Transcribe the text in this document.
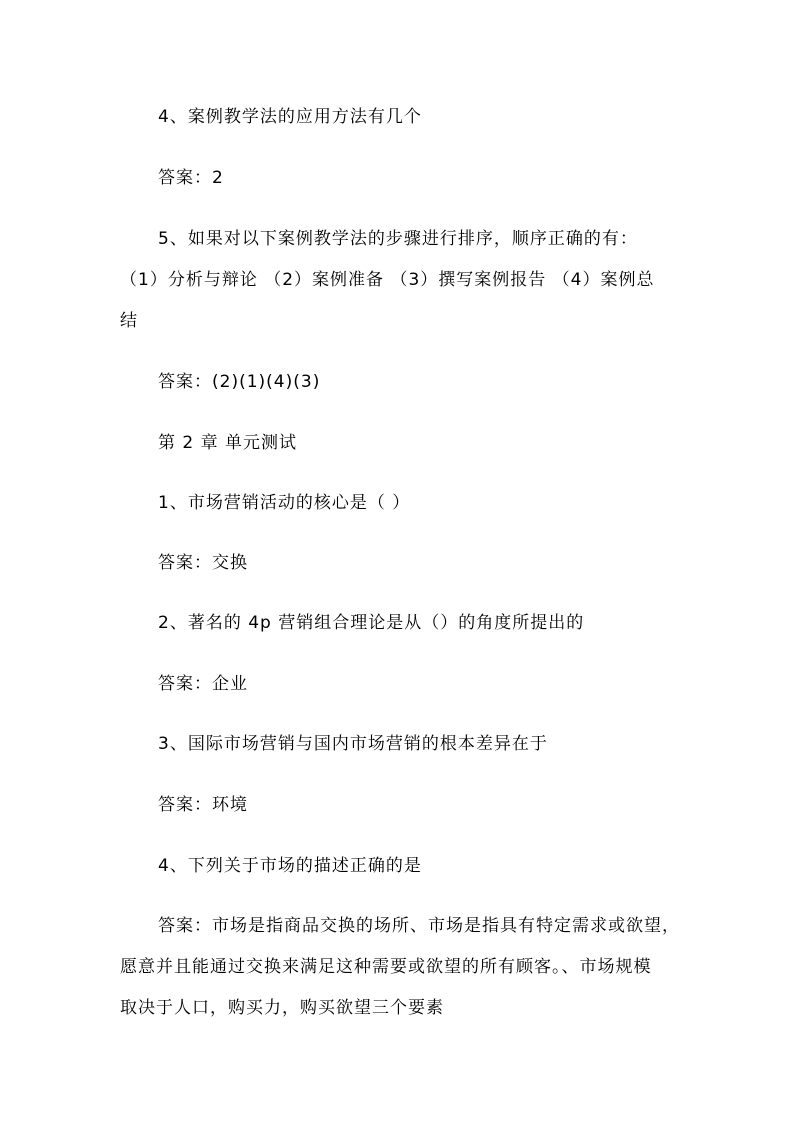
4、案例教学法的应用方法有几个
答案：2
5、如果对以下案例教学法的步骤进行排序，顺序正确的有：
（1）分析与辩论 （2）案例准备 （3）撰写案例报告 （4）案例总
结
答案：(2)(1)(4)(3)
第 2 章 单元测试
1、市场营销活动的核心是（ ）
答案：交换
2、著名的 4p 营销组合理论是从（）的角度所提出的
答案：企业
3、国际市场营销与国内市场营销的根本差异在于
答案：环境
4、下列关于市场的描述正确的是
答案：市场是指商品交换的场所、市场是指具有特定需求或欲望，
愿意并且能通过交换来满足这种需要或欲望的所有顾客。、市场规模
取决于人口，购买力，购买欲望三个要素
